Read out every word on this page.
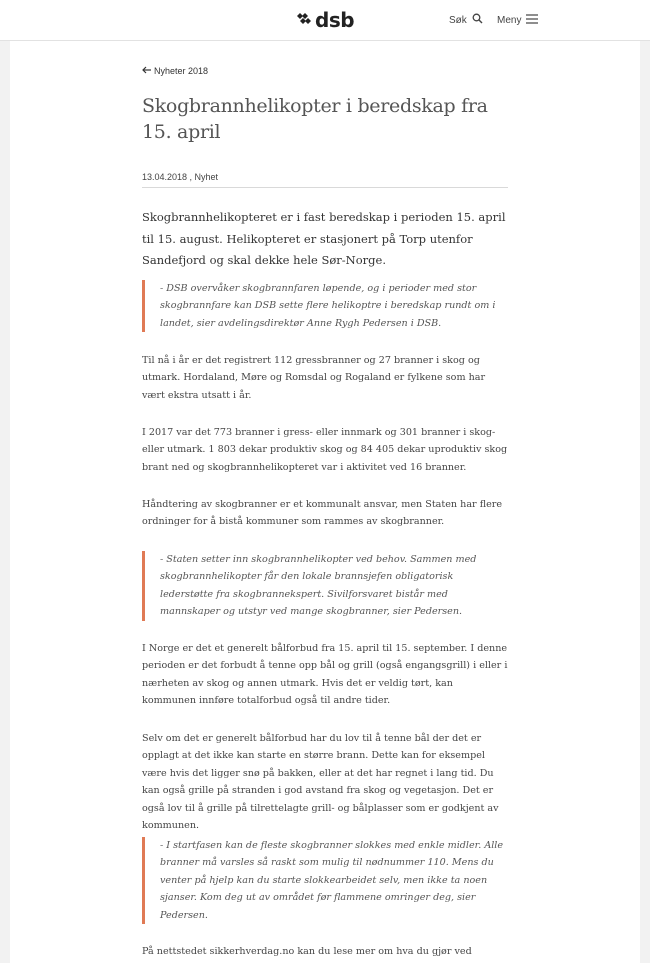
dsb	Søk	Meny
Nyheter 2018
Skogbrannhelikopter i beredskap fra 15. april
13.04.2018 , Nyhet

Skogbrannhelikopteret er i fast beredskap i perioden 15. april til 15. august. Helikopteret er stasjonert på Torp utenfor Sandefjord og skal dekke hele Sør-Norge.

- DSB overvåker skogbrannfaren løpende, og i perioder med stor skogbrannfare kan DSB sette flere helikoptre i beredskap rundt om i landet, sier avdelingsdirektør Anne Rygh Pedersen i DSB.

Til nå i år er det registrert 112 gressbranner og 27 branner i skog og utmark. Hordaland, Møre og Romsdal og Rogaland er fylkene som har vært ekstra utsatt i år.

I 2017 var det 773 branner i gress- eller innmark og 301 branner i skog- eller utmark. 1 803 dekar produktiv skog og 84 405 dekar uproduktiv skog brant ned og skogbrannhelikopteret var i aktivitet ved 16 branner.

Håndtering av skogbranner er et kommunalt ansvar, men Staten har flere ordninger for å bistå kommuner som rammes av skogbranner.

- Staten setter inn skogbrannhelikopter ved behov. Sammen med skogbrannhelikopter får den lokale brannsjefen obligatorisk lederstøtte fra skogbrannekspert. Sivilforsvaret bistår med mannskaper og utstyr ved mange skogbranner, sier Pedersen.

I Norge er det et generelt bålforbud fra 15. april til 15. september. I denne perioden er det forbudt å tenne opp bål og grill (også engangsgrill) i eller i nærheten av skog og annen utmark. Hvis det er veldig tørt, kan kommunen innføre totalforbud også til andre tider.

Selv om det er generelt bålforbud har du lov til å tenne bål der det er opplagt at det ikke kan starte en større brann. Dette kan for eksempel være hvis det ligger snø på bakken, eller at det har regnet i lang tid. Du kan også grille på stranden i god avstand fra skog og vegetasjon. Det er også lov til å grille på tilrettelagte grill- og bålplasser som er godkjent av kommunen.

- I startfasen kan de fleste skogbranner slokkes med enkle midler. Alle branner må varsles så raskt som mulig til nødnummer 110. Mens du venter på hjelp kan du starte slokkearbeidet selv, men ikke ta noen sjanser. Kom deg ut av området før flammene omringer deg, sier Pedersen.

På nettstedet sikkerhverdag.no kan du lese mer om hva du gjør ved
